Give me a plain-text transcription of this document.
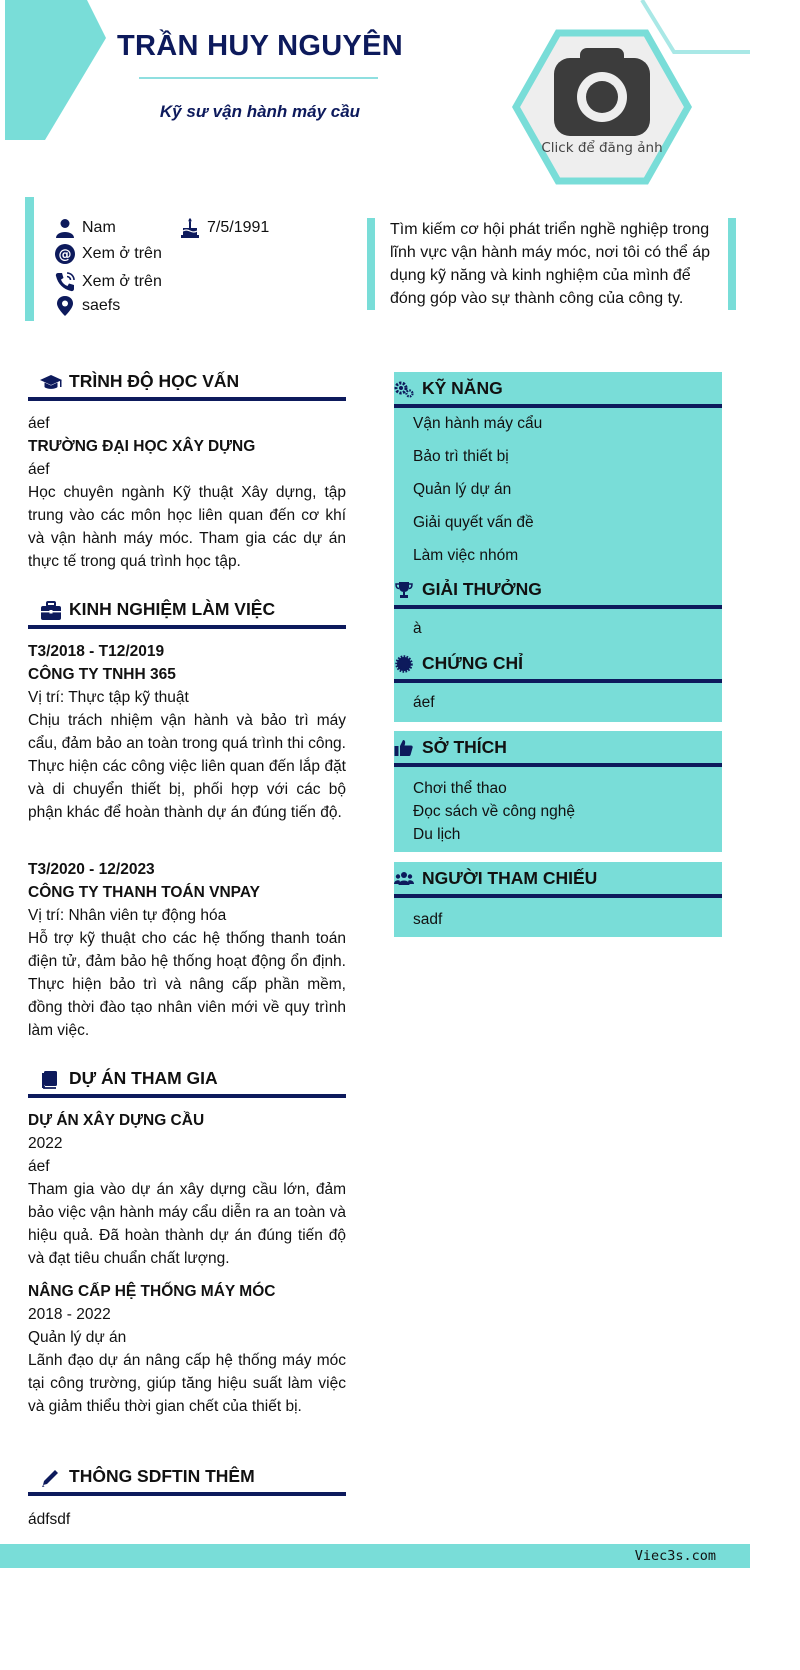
TRẦN HUY NGUYÊN
Kỹ sư vận hành máy cầu
Click để đăng ảnh
Nam	7/5/1991
@ Xem ở trên
Xem ở trên
saefs
Tìm kiếm cơ hội phát triển nghề nghiệp trong lĩnh vực vận hành máy móc, nơi tôi có thể áp dụng kỹ năng và kinh nghiệm của mình để đóng góp vào sự thành công của công ty.
TRÌNH ĐỘ HỌC VẤN
áef
TRƯỜNG ĐẠI HỌC XÂY DỰNG
áef
Học chuyên ngành Kỹ thuật Xây dựng, tập trung vào các môn học liên quan đến cơ khí và vận hành máy móc. Tham gia các dự án thực tế trong quá trình học tập.
KINH NGHIỆM LÀM VIỆC
T3/2018 - T12/2019
CÔNG TY TNHH 365
Vị trí: Thực tập kỹ thuật
Chịu trách nhiệm vận hành và bảo trì máy cẩu, đảm bảo an toàn trong quá trình thi công. Thực hiện các công việc liên quan đến lắp đặt và di chuyển thiết bị, phối hợp với các bộ phận khác để hoàn thành dự án đúng tiến độ.
T3/2020 - 12/2023
CÔNG TY THANH TOÁN VNPAY
Vị trí: Nhân viên tự động hóa
Hỗ trợ kỹ thuật cho các hệ thống thanh toán điện tử, đảm bảo hệ thống hoạt động ổn định. Thực hiện bảo trì và nâng cấp phần mềm, đồng thời đào tạo nhân viên mới về quy trình làm việc.
DỰ ÁN THAM GIA
DỰ ÁN XÂY DỰNG CẦU
2022
áef
Tham gia vào dự án xây dựng cầu lớn, đảm bảo việc vận hành máy cẩu diễn ra an toàn và hiệu quả. Đã hoàn thành dự án đúng tiến độ và đạt tiêu chuẩn chất lượng.
NÂNG CẤP HỆ THỐNG MÁY MÓC
2018 - 2022
Quản lý dự án
Lãnh đạo dự án nâng cấp hệ thống máy móc tại công trường, giúp tăng hiệu suất làm việc và giảm thiểu thời gian chết của thiết bị.
THÔNG SDFTIN THÊM
ádfsdf
KỸ NĂNG
Vận hành máy cẩu
Bảo trì thiết bị
Quản lý dự án
Giải quyết vấn đề
Làm việc nhóm
GIẢI THƯỞNG
à
CHỨNG CHỈ
áef
SỞ THÍCH
Chơi thể thao
Đọc sách về công nghệ
Du lịch
NGƯỜI THAM CHIẾU
sadf
Viec3s.com
